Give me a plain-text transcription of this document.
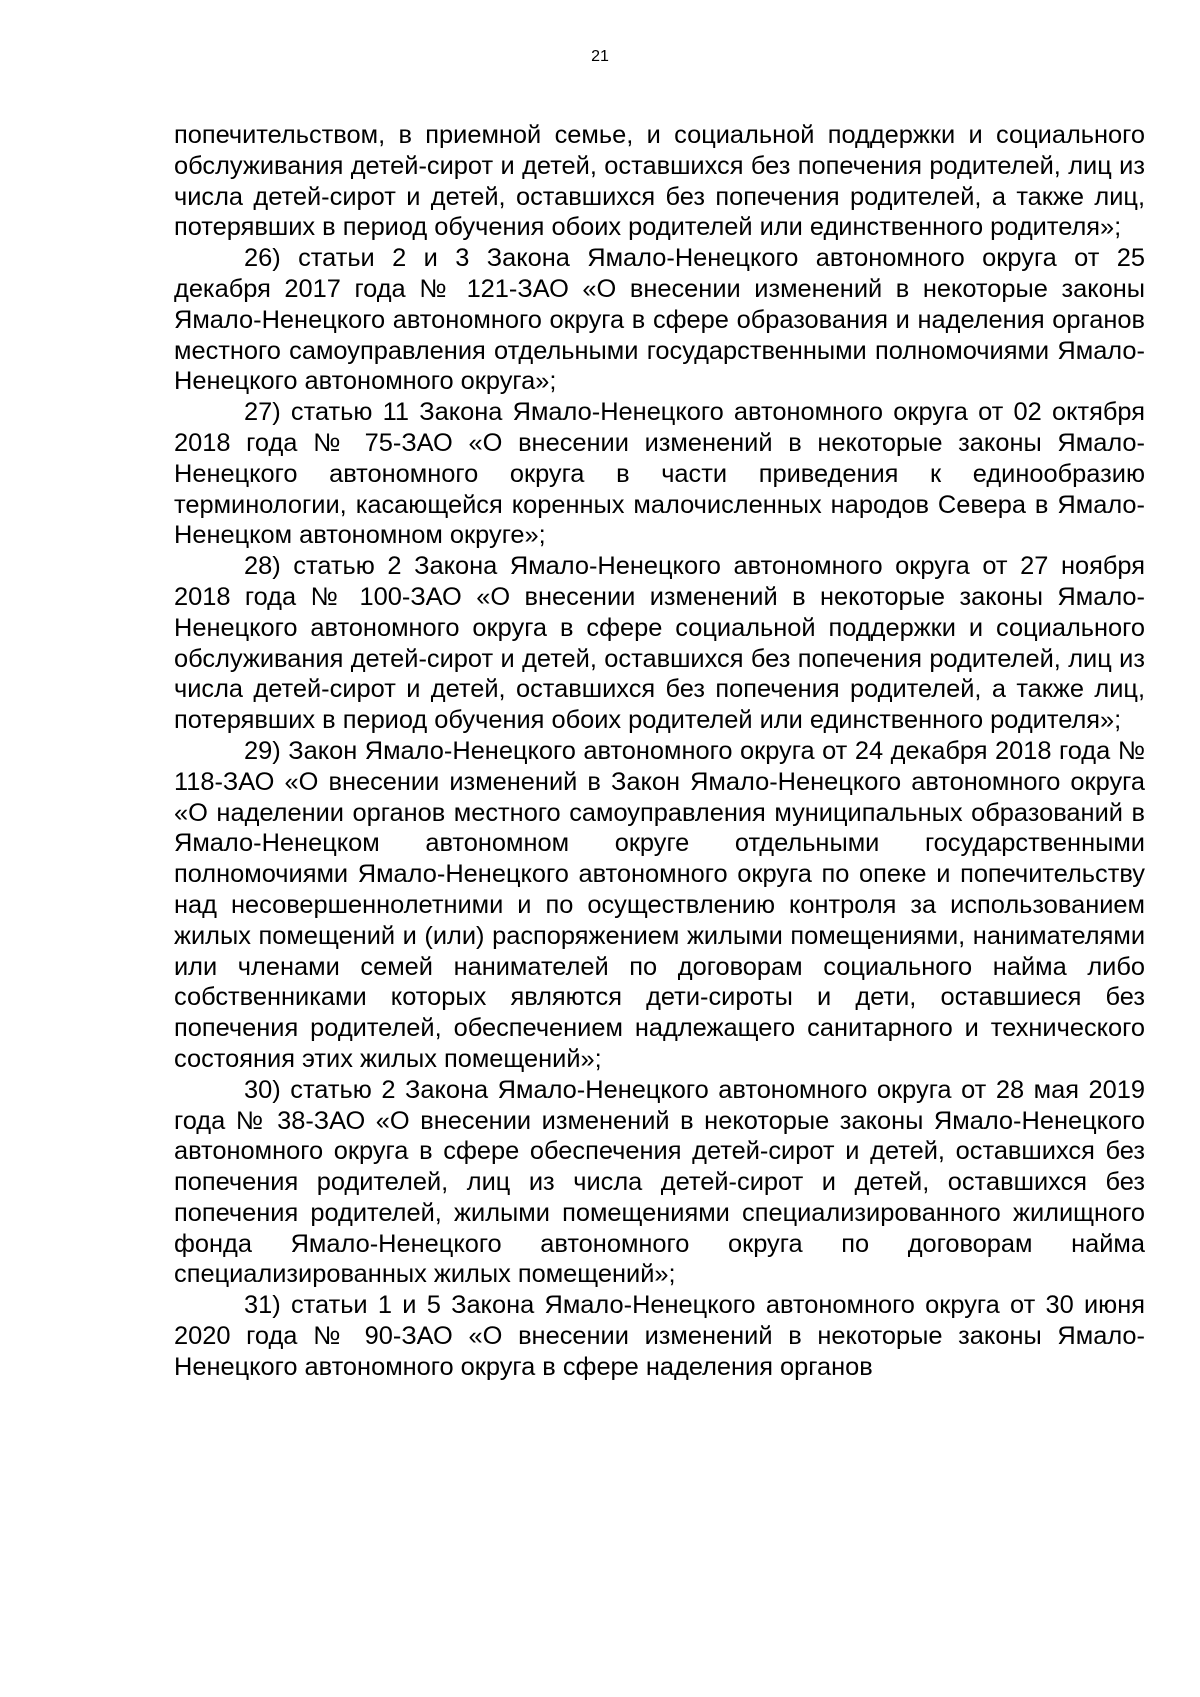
21

попечительством, в приемной семье, и социальной поддержки и социального обслуживания детей-сирот и детей, оставшихся без попечения родителей, лиц из числа детей-сирот и детей, оставшихся без попечения родителей, а также лиц, потерявших в период обучения обоих родителей или единственного родителя»;

26) статьи 2 и 3 Закона Ямало-Ненецкого автономного округа от 25 декабря 2017 года № 121-ЗАО «О внесении изменений в некоторые законы Ямало-Ненецкого автономного округа в сфере образования и наделения органов местного самоуправления отдельными государственными полномочиями Ямало-Ненецкого автономного округа»;

27) статью 11 Закона Ямало-Ненецкого автономного округа от 02 октября 2018 года № 75-ЗАО «О внесении изменений в некоторые законы Ямало-Ненецкого автономного округа в части приведения к единообразию терминологии, касающейся коренных малочисленных народов Севера в Ямало-Ненецком автономном округе»;

28) статью 2 Закона Ямало-Ненецкого автономного округа от 27 ноября 2018 года № 100-ЗАО «О внесении изменений в некоторые законы Ямало-Ненецкого автономного округа в сфере социальной поддержки и социального обслуживания детей-сирот и детей, оставшихся без попечения родителей, лиц из числа детей-сирот и детей, оставшихся без попечения родителей, а также лиц, потерявших в период обучения обоих родителей или единственного родителя»;

29) Закон Ямало-Ненецкого автономного округа от 24 декабря 2018 года № 118-ЗАО «О внесении изменений в Закон Ямало-Ненецкого автономного округа «О наделении органов местного самоуправления муниципальных образований в Ямало-Ненецком автономном округе отдельными государственными полномочиями Ямало-Ненецкого автономного округа по опеке и попечительству над несовершеннолетними и по осуществлению контроля за использованием жилых помещений и (или) распоряжением жилыми помещениями, нанимателями или членами семей нанимателей по договорам социального найма либо собственниками которых являются дети-сироты и дети, оставшиеся без попечения родителей, обеспечением надлежащего санитарного и технического состояния этих жилых помещений»;

30) статью 2 Закона Ямало-Ненецкого автономного округа от 28 мая 2019 года № 38-ЗАО «О внесении изменений в некоторые законы Ямало-Ненецкого автономного округа в сфере обеспечения детей-сирот и детей, оставшихся без попечения родителей, лиц из числа детей-сирот и детей, оставшихся без попечения родителей, жилыми помещениями специализированного жилищного фонда Ямало-Ненецкого автономного округа по договорам найма специализированных жилых помещений»;

31) статьи 1 и 5 Закона Ямало-Ненецкого автономного округа от 30 июня 2020 года № 90-ЗАО «О внесении изменений в некоторые законы Ямало-Ненецкого автономного округа в сфере наделения органов
